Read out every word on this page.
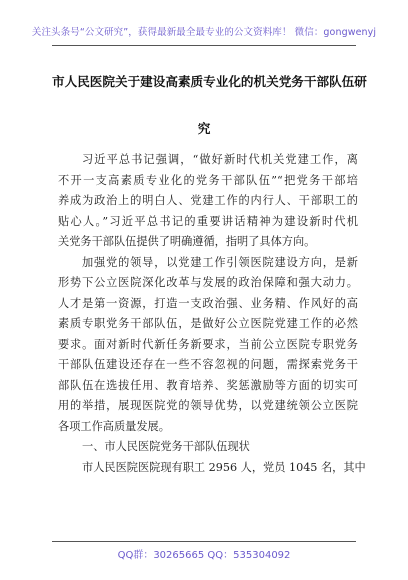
关注头条号“公文研究”，获得最新最全最专业的公文资料库！ 微信：gongwenyj
市人民医院关于建设高素质专业化的机关党务干部队伍研
究
习近平总书记强调，“做好新时代机关党建工作，离
不开一支高素质专业化的党务干部队伍”“把党务干部培
养成为政治上的明白人、党建工作的内行人、干部职工的
贴心人。”习近平总书记的重要讲话精神为建设新时代机
关党务干部队伍提供了明确遵循，指明了具体方向。
加强党的领导，以党建工作引领医院建设方向，是新
形势下公立医院深化改革与发展的政治保障和强大动力。
人才是第一资源，打造一支政治强、业务精、作风好的高
素质专职党务干部队伍，是做好公立医院党建工作的必然
要求。面对新时代新任务新要求，当前公立医院专职党务
干部队伍建设还存在一些不容忽视的问题，需探索党务干
部队伍在选拔任用、教育培养、奖惩激励等方面的切实可
用的举措，展现医院党的领导优势，以党建统领公立医院
各项工作高质量发展。
一、市人民医院党务干部队伍现状
市人民医院医院现有职工 2956 人，党员 1045 名，其中
QQ群：30265665 QQ：535304092
